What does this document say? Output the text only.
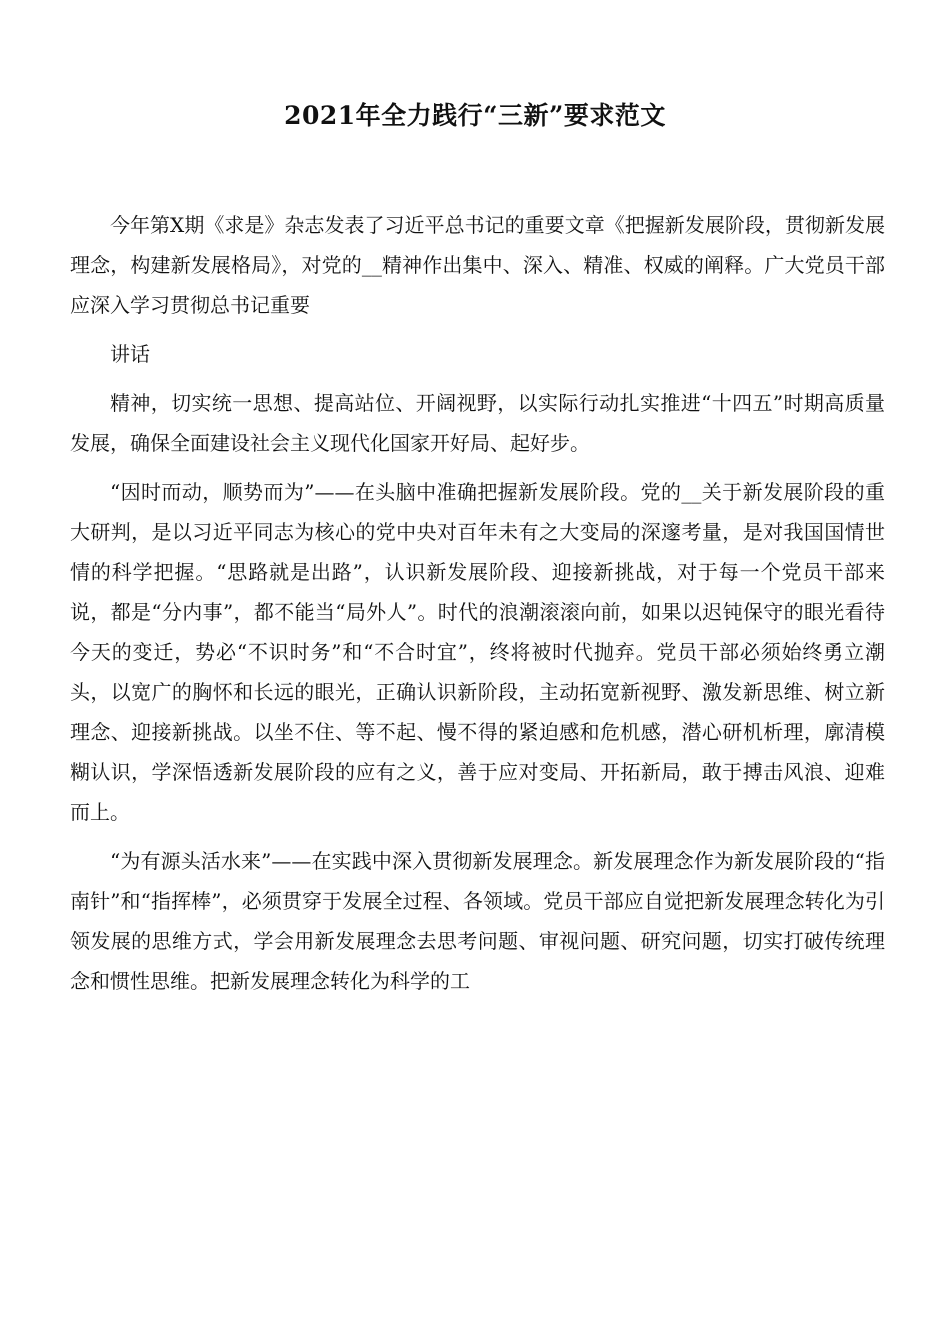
2021年全力践行“三新”要求范文

今年第X期《求是》杂志发表了习近平总书记的重要文章《把握新发展阶段，贯彻新发展理念，构建新发展格局》，对党的__精神作出集中、深入、精准、权威的阐释。广大党员干部应深入学习贯彻总书记重要

讲话

精神，切实统一思想、提高站位、开阔视野，以实际行动扎实推进“十四五”时期高质量发展，确保全面建设社会主义现代化国家开好局、起好步。

“因时而动，顺势而为”——在头脑中准确把握新发展阶段。党的__关于新发展阶段的重大研判，是以习近平同志为核心的党中央对百年未有之大变局的深邃考量，是对我国国情世情的科学把握。“思路就是出路”，认识新发展阶段、迎接新挑战，对于每一个党员干部来说，都是“分内事”，都不能当“局外人”。时代的浪潮滚滚向前，如果以迟钝保守的眼光看待今天的变迁，势必“不识时务”和“不合时宜”，终将被时代抛弃。党员干部必须始终勇立潮头，以宽广的胸怀和长远的眼光，正确认识新阶段，主动拓宽新视野、激发新思维、树立新理念、迎接新挑战。以坐不住、等不起、慢不得的紧迫感和危机感，潜心研机析理，廓清模糊认识，学深悟透新发展阶段的应有之义，善于应对变局、开拓新局，敢于搏击风浪、迎难而上。

“为有源头活水来”——在实践中深入贯彻新发展理念。新发展理念作为新发展阶段的“指南针”和“指挥棒”，必须贯穿于发展全过程、各领域。党员干部应自觉把新发展理念转化为引领发展的思维方式，学会用新发展理念去思考问题、审视问题、研究问题，切实打破传统理念和惯性思维。把新发展理念转化为科学的工
